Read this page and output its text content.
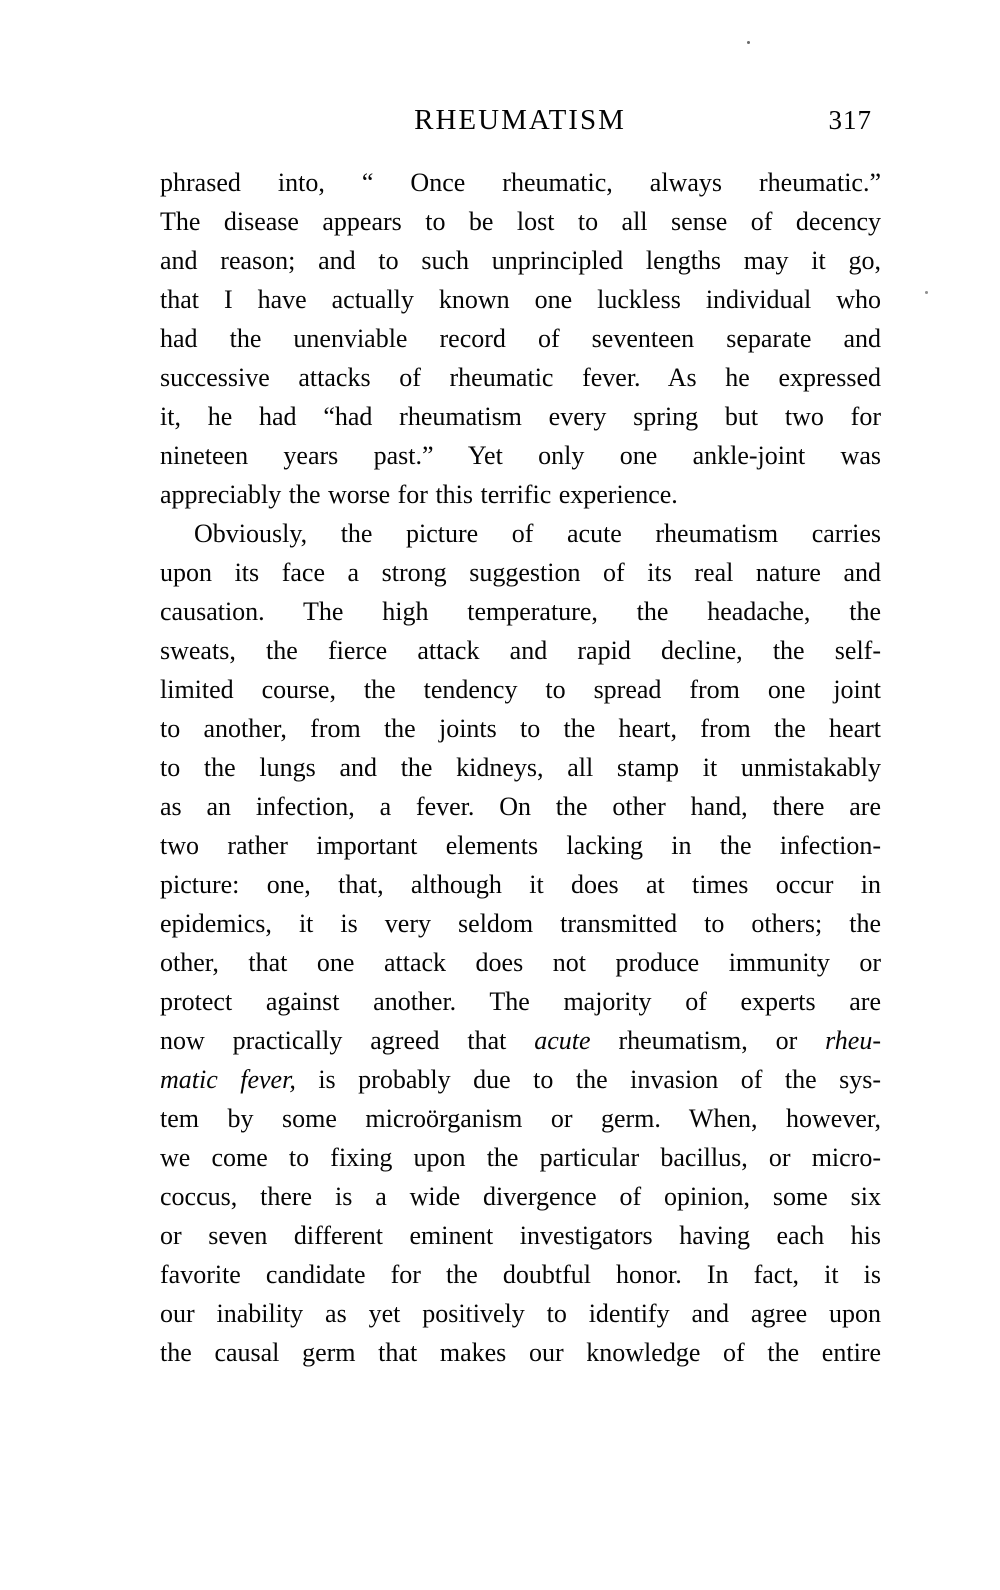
RHEUMATISM	317
phrased into, “ Once rheumatic, always rheumatic.”
The disease appears to be lost to all sense of decency
and reason; and to such unprincipled lengths may it go,
that I have actually known one luckless individual who
had the unenviable record of seventeen separate and
successive attacks of rheumatic fever. As he expressed
it, he had “had rheumatism every spring but two for
nineteen years past.” Yet only one ankle-joint was
appreciably the worse for this terrific experience.
Obviously, the picture of acute rheumatism carries
upon its face a strong suggestion of its real nature and
causation. The high temperature, the headache, the
sweats, the fierce attack and rapid decline, the self-
limited course, the tendency to spread from one joint
to another, from the joints to the heart, from the heart
to the lungs and the kidneys, all stamp it unmistakably
as an infection, a fever. On the other hand, there are
two rather important elements lacking in the infection-
picture: one, that, although it does at times occur in
epidemics, it is very seldom transmitted to others; the
other, that one attack does not produce immunity or
protect against another. The majority of experts are
now practically agreed that acute rheumatism, or rheu-
matic fever, is probably due to the invasion of the sys-
tem by some microörganism or germ. When, however,
we come to fixing upon the particular bacillus, or micro-
coccus, there is a wide divergence of opinion, some six
or seven different eminent investigators having each his
favorite candidate for the doubtful honor. In fact, it is
our inability as yet positively to identify and agree upon
the causal germ that makes our knowledge of the entire
